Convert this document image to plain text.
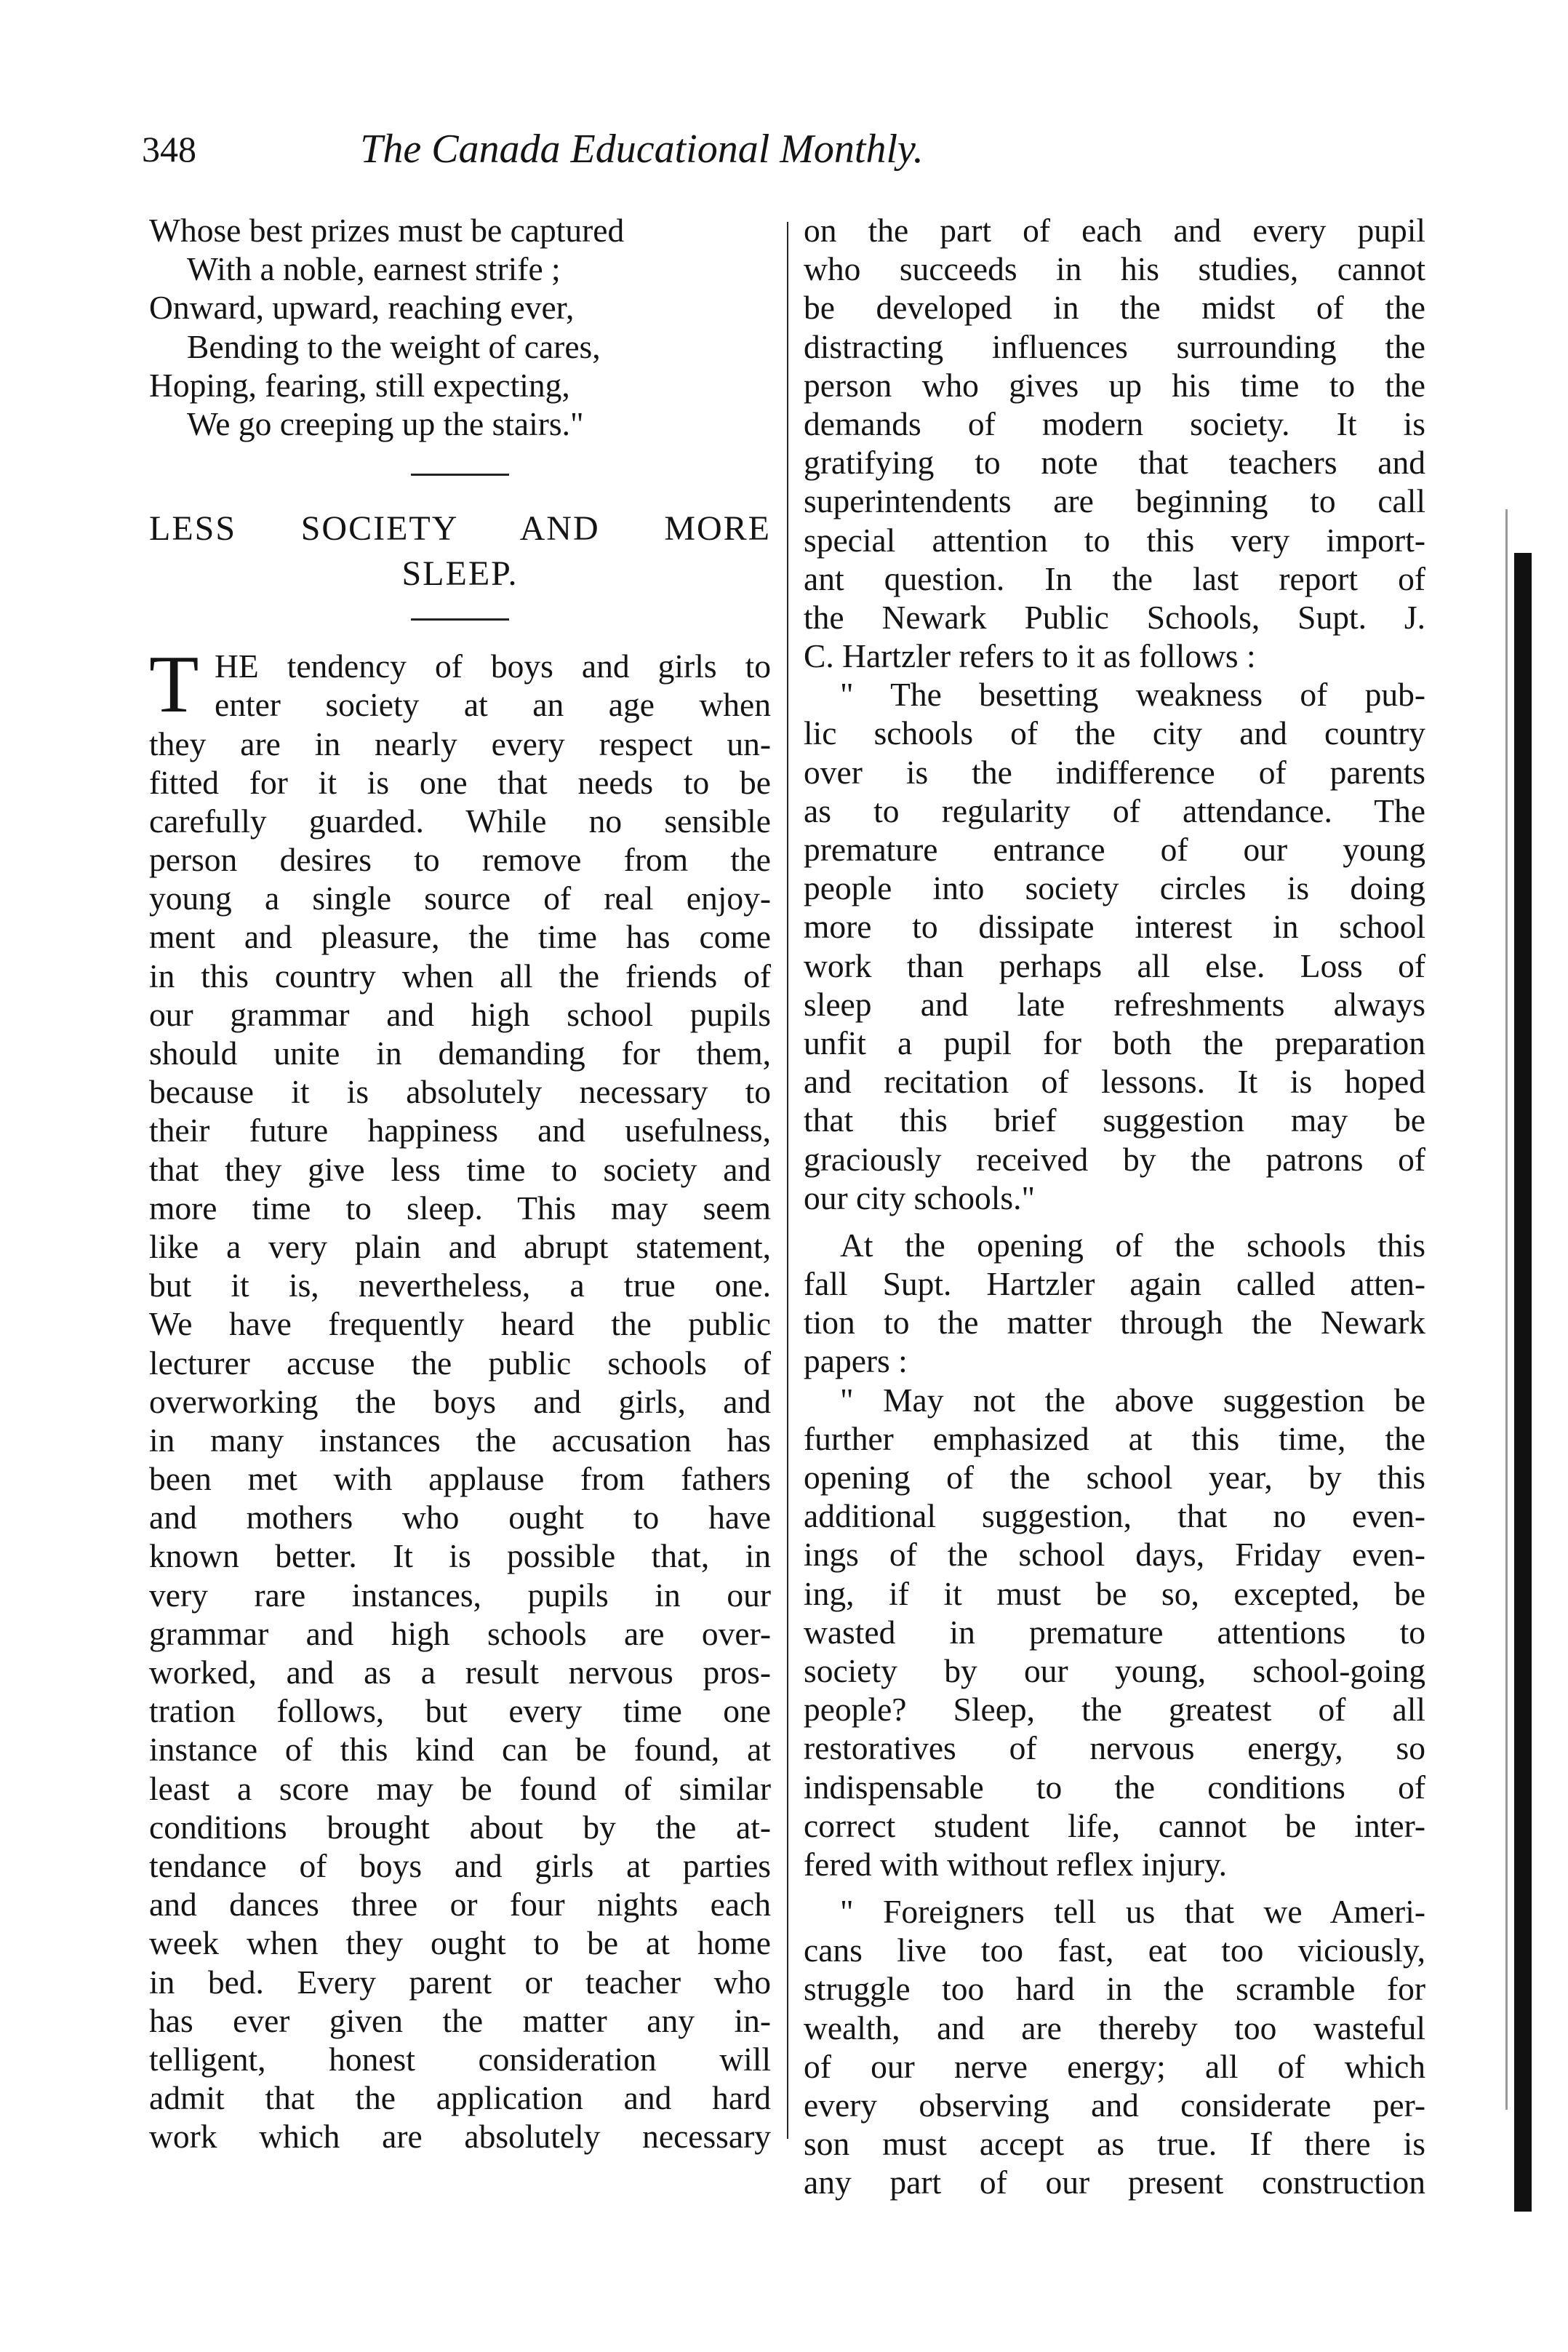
348	The Canada Educational Monthly.
Whose best prizes must be captured
With a noble, earnest strife ;
Onward, upward, reaching ever,
Bending to the weight of cares,
Hoping, fearing, still expecting,
We go creeping up the stairs."
LESS SOCIETY AND MORE
SLEEP.
T HE tendency of boys and girls to
enter society at an age when
they are in nearly every respect un-
fitted for it is one that needs to be
carefully guarded. While no sensible
person desires to remove from the
young a single source of real enjoy-
ment and pleasure, the time has come
in this country when all the friends of
our grammar and high school pupils
should unite in demanding for them,
because it is absolutely necessary to
their future happiness and usefulness,
that they give less time to society and
more time to sleep. This may seem
like a very plain and abrupt statement,
but it is, nevertheless, a true one.
We have frequently heard the public
lecturer accuse the public schools of
overworking the boys and girls, and
in many instances the accusation has
been met with applause from fathers
and mothers who ought to have
known better. It is possible that, in
very rare instances, pupils in our
grammar and high schools are over-
worked, and as a result nervous pros-
tration follows, but every time one
instance of this kind can be found, at
least a score may be found of similar
conditions brought about by the at-
tendance of boys and girls at parties
and dances three or four nights each
week when they ought to be at home
in bed. Every parent or teacher who
has ever given the matter any in-
telligent, honest consideration will
admit that the application and hard
work which are absolutely necessary
on the part of each and every pupil
who succeeds in his studies, cannot
be developed in the midst of the
distracting influences surrounding the
person who gives up his time to the
demands of modern society. It is
gratifying to note that teachers and
superintendents are beginning to call
special attention to this very import-
ant question. In the last report of
the Newark Public Schools, Supt. J.
C. Hartzler refers to it as follows :
" The besetting weakness of pub-
lic schools of the city and country
over is the indifference of parents
as to regularity of attendance. The
premature entrance of our young
people into society circles is doing
more to dissipate interest in school
work than perhaps all else. Loss of
sleep and late refreshments always
unfit a pupil for both the preparation
and recitation of lessons. It is hoped
that this brief suggestion may be
graciously received by the patrons of
our city schools."
At the opening of the schools this
fall Supt. Hartzler again called atten-
tion to the matter through the Newark
papers :
" May not the above suggestion be
further emphasized at this time, the
opening of the school year, by this
additional suggestion, that no even-
ings of the school days, Friday even-
ing, if it must be so, excepted, be
wasted in premature attentions to
society by our young, school-going
people? Sleep, the greatest of all
restoratives of nervous energy, so
indispensable to the conditions of
correct student life, cannot be inter-
fered with without reflex injury.
" Foreigners tell us that we Ameri-
cans live too fast, eat too viciously,
struggle too hard in the scramble for
wealth, and are thereby too wasteful
of our nerve energy; all of which
every observing and considerate per-
son must accept as true. If there is
any part of our present construction
